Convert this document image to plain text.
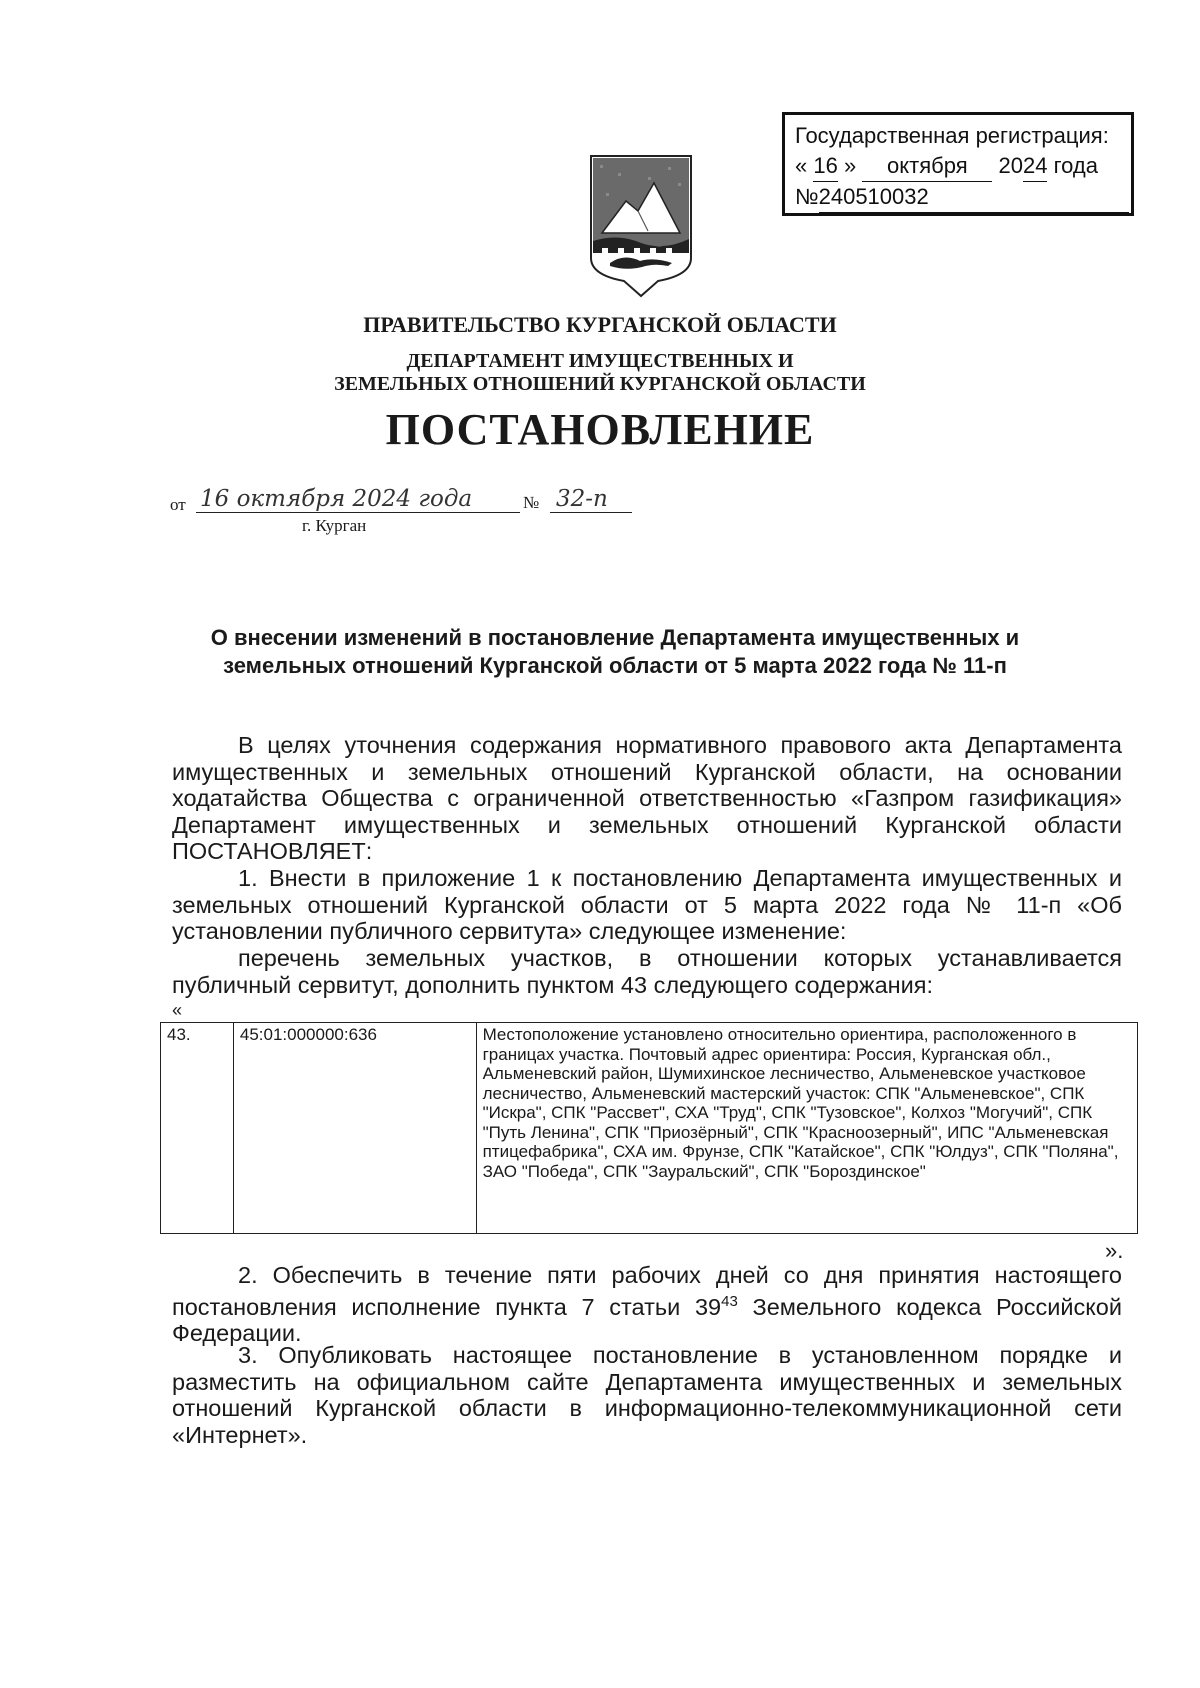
Государственная регистрация:
« 16 » октября 2024 года
№240510032
ПРАВИТЕЛЬСТВО КУРГАНСКОЙ ОБЛАСТИ
ДЕПАРТАМЕНТ ИМУЩЕСТВЕННЫХ И
ЗЕМЕЛЬНЫХ ОТНОШЕНИЙ КУРГАНСКОЙ ОБЛАСТИ
ПОСТАНОВЛЕНИЕ
от 16 октября 2024 года	№ 32-п
г. Курган
О внесении изменений в постановление Департамента имущественных и земельных отношений Курганской области от 5 марта 2022 года № 11-п
В целях уточнения содержания нормативного правового акта Департамента имущественных и земельных отношений Курганской области, на основании ходатайства Общества с ограниченной ответственностью «Газпром газификация» Департамент имущественных и земельных отношений Курганской области ПОСТАНОВЛЯЕТ:
1. Внести в приложение 1 к постановлению Департамента имущественных и земельных отношений Курганской области от 5 марта 2022 года № 11-п «Об установлении публичного сервитута» следующее изменение:
перечень земельных участков, в отношении которых устанавливается публичный сервитут, дополнить пунктом 43 следующего содержания:
«
43.	45:01:000000:636	Местоположение установлено относительно ориентира, расположенного в границах участка. Почтовый адрес ориентира: Россия, Курганская обл., Альменевский район, Шумихинское лесничество, Альменевское участковое лесничество, Альменевский мастерский участок: СПК "Альменевское", СПК "Искра", СПК "Рассвет", СХА "Труд", СПК "Тузовское", Колхоз "Могучий", СПК "Путь Ленина", СПК "Приозёрный", СПК "Красноозерный", ИПС "Альменевская птицефабрика", СХА им. Фрунзе, СПК "Катайское", СПК "Юлдуз", СПК "Поляна", ЗАО "Победа", СПК "Зауральский", СПК "Бороздинское"
».
2. Обеспечить в течение пяти рабочих дней со дня принятия настоящего постановления исполнение пункта 7 статьи $39^{43}$ Земельного кодекса Российской Федерации.
3. Опубликовать настоящее постановление в установленном порядке и разместить на официальном сайте Департамента имущественных и земельных отношений Курганской области в информационно-телекоммуникационной сети «Интернет».
